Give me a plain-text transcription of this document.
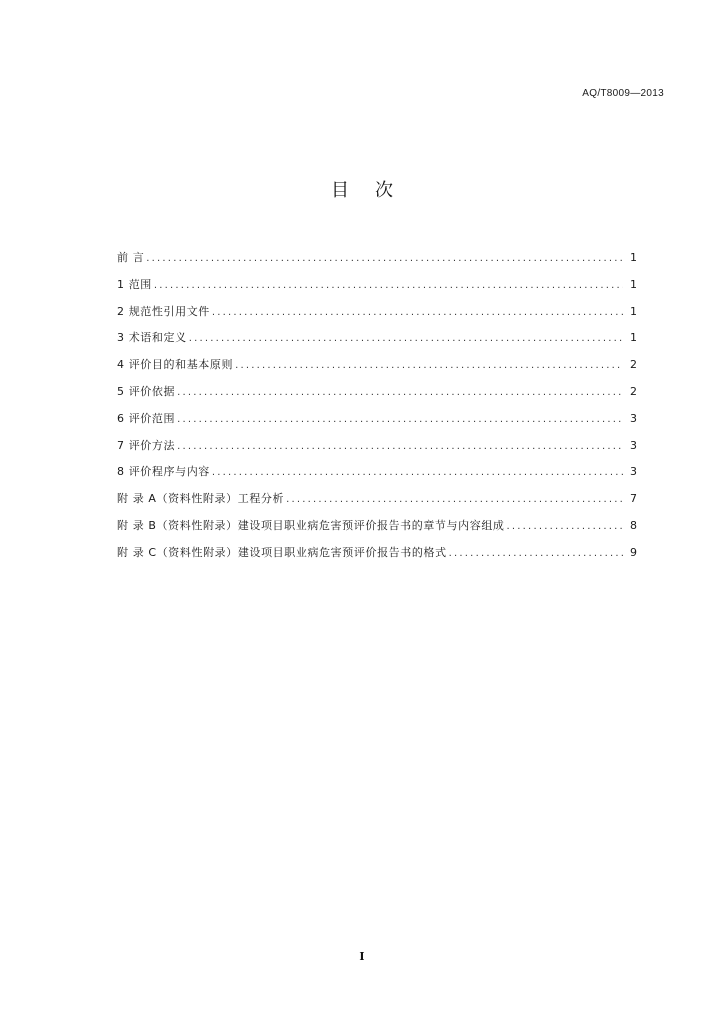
AQ/T8009—2013
目次
前 言 .....	1
1 范围 .....	1
2 规范性引用文件 .....	1
3 术语和定义 .....	1
4 评价目的和基本原则 .....	2
5 评价依据 .....	2
6 评价范围 .....	3
7 评价方法 .....	3
8 评价程序与内容 .....	3
附 录 A（资料性附录）工程分析 .....	7
附 录 B（资料性附录）建设项目职业病危害预评价报告书的章节与内容组成 .....	8
附 录 C（资料性附录）建设项目职业病危害预评价报告书的格式 .....	9
I
